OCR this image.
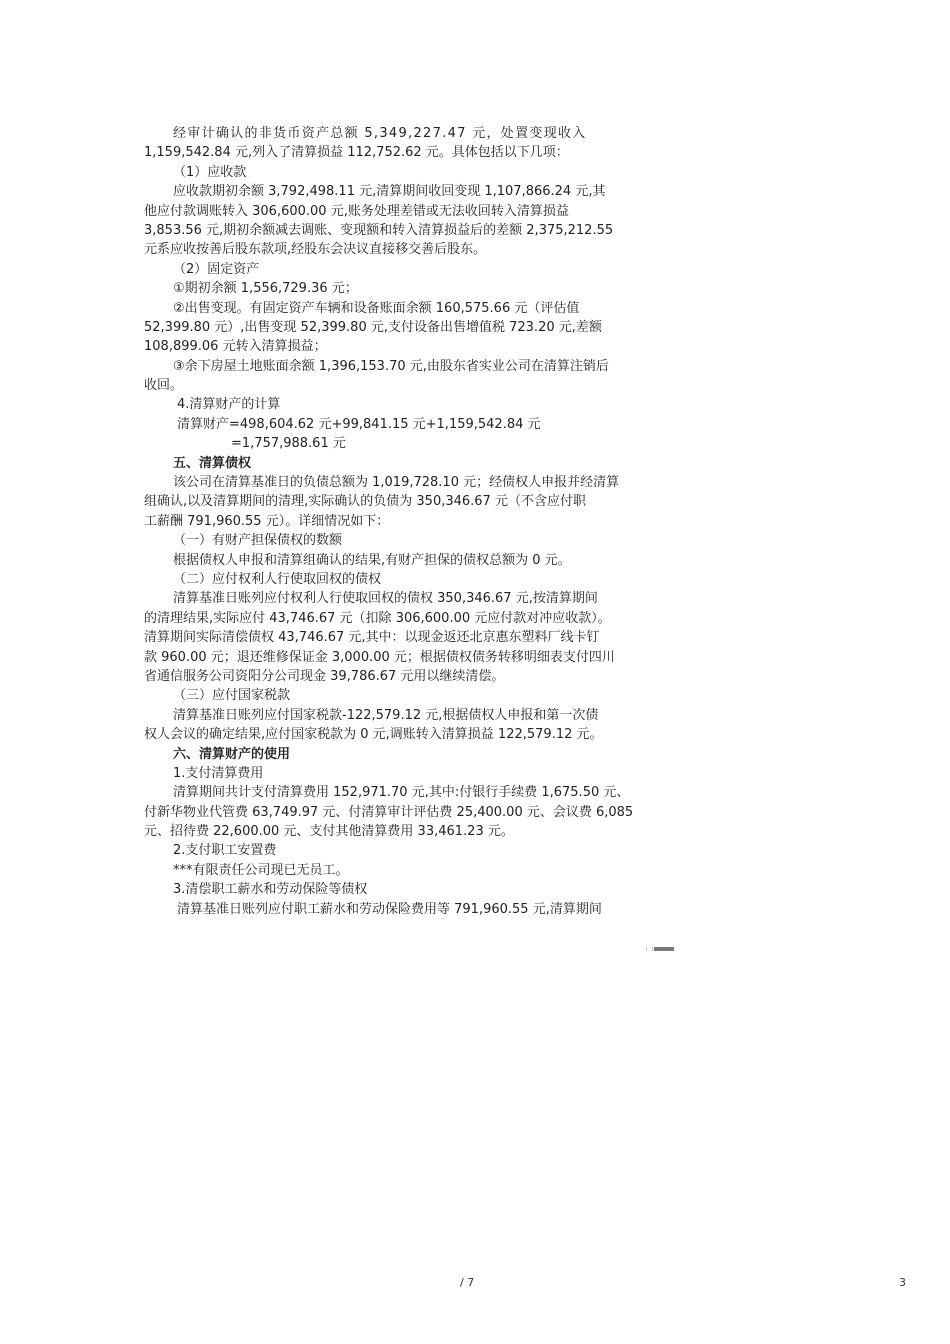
经审计确认的非货币资产总额 5,349,227.47 元，处置变现收入
1,159,542.84 元,列入了清算损益 112,752.62 元。具体包括以下几项：
（1）应收款
应收款期初余额 3,792,498.11 元,清算期间收回变现 1,107,866.24 元,其
他应付款调账转入 306,600.00 元,账务处理差错或无法收回转入清算损益
3,853.56 元,期初余额减去调账、变现额和转入清算损益后的差额 2,375,212.55
元系应收按善后股东款项,经股东会决议直接移交善后股东。
（2）固定资产
①期初余额 1,556,729.36 元；
②出售变现。有固定资产车辆和设备账面余额 160,575.66 元（评估值
52,399.80 元）,出售变现 52,399.80 元,支付设备出售增值税 723.20 元,差额
108,899.06 元转入清算损益；
③余下房屋土地账面余额 1,396,153.70 元,由股东省实业公司在清算注销后
收回。
4.清算财产的计算
清算财产=498,604.62 元+99,841.15 元+1,159,542.84 元
=1,757,988.61 元
五、清算债权
该公司在清算基准日的负债总额为 1,019,728.10 元；经债权人申报并经清算
组确认,以及清算期间的清理,实际确认的负债为 350,346.67 元（不含应付职
工薪酬 791,960.55 元）。详细情况如下：
（一）有财产担保债权的数额
根据债权人申报和清算组确认的结果,有财产担保的债权总额为 0 元。
（二）应付权利人行使取回权的债权
清算基准日账列应付权利人行使取回权的债权 350,346.67 元,按清算期间
的清理结果,实际应付 43,746.67 元（扣除 306,600.00 元应付款对冲应收款）。
清算期间实际清偿债权 43,746.67 元,其中：以现金返还北京惠东塑料厂线卡钉
款 960.00 元；退还维修保证金 3,000.00 元；根据债权债务转移明细表支付四川
省通信服务公司资阳分公司现金 39,786.67 元用以继续清偿。
（三）应付国家税款
清算基准日账列应付国家税款-122,579.12 元,根据债权人申报和第一次债
权人会议的确定结果,应付国家税款为 0 元,调账转入清算损益 122,579.12 元。
六、清算财产的使用
1.支付清算费用
清算期间共计支付清算费用 152,971.70 元,其中:付银行手续费 1,675.50 元、
付新华物业代管费 63,749.97 元、付清算审计评估费 25,400.00 元、会议费 6,085
元、招待费 22,600.00 元、支付其他清算费用 33,461.23 元。
2.支付职工安置费
***有限责任公司现已无员工。
3.清偿职工薪水和劳动保险等债权
清算基准日账列应付职工薪水和劳动保险费用等 791,960.55 元,清算期间
/ 7	3
